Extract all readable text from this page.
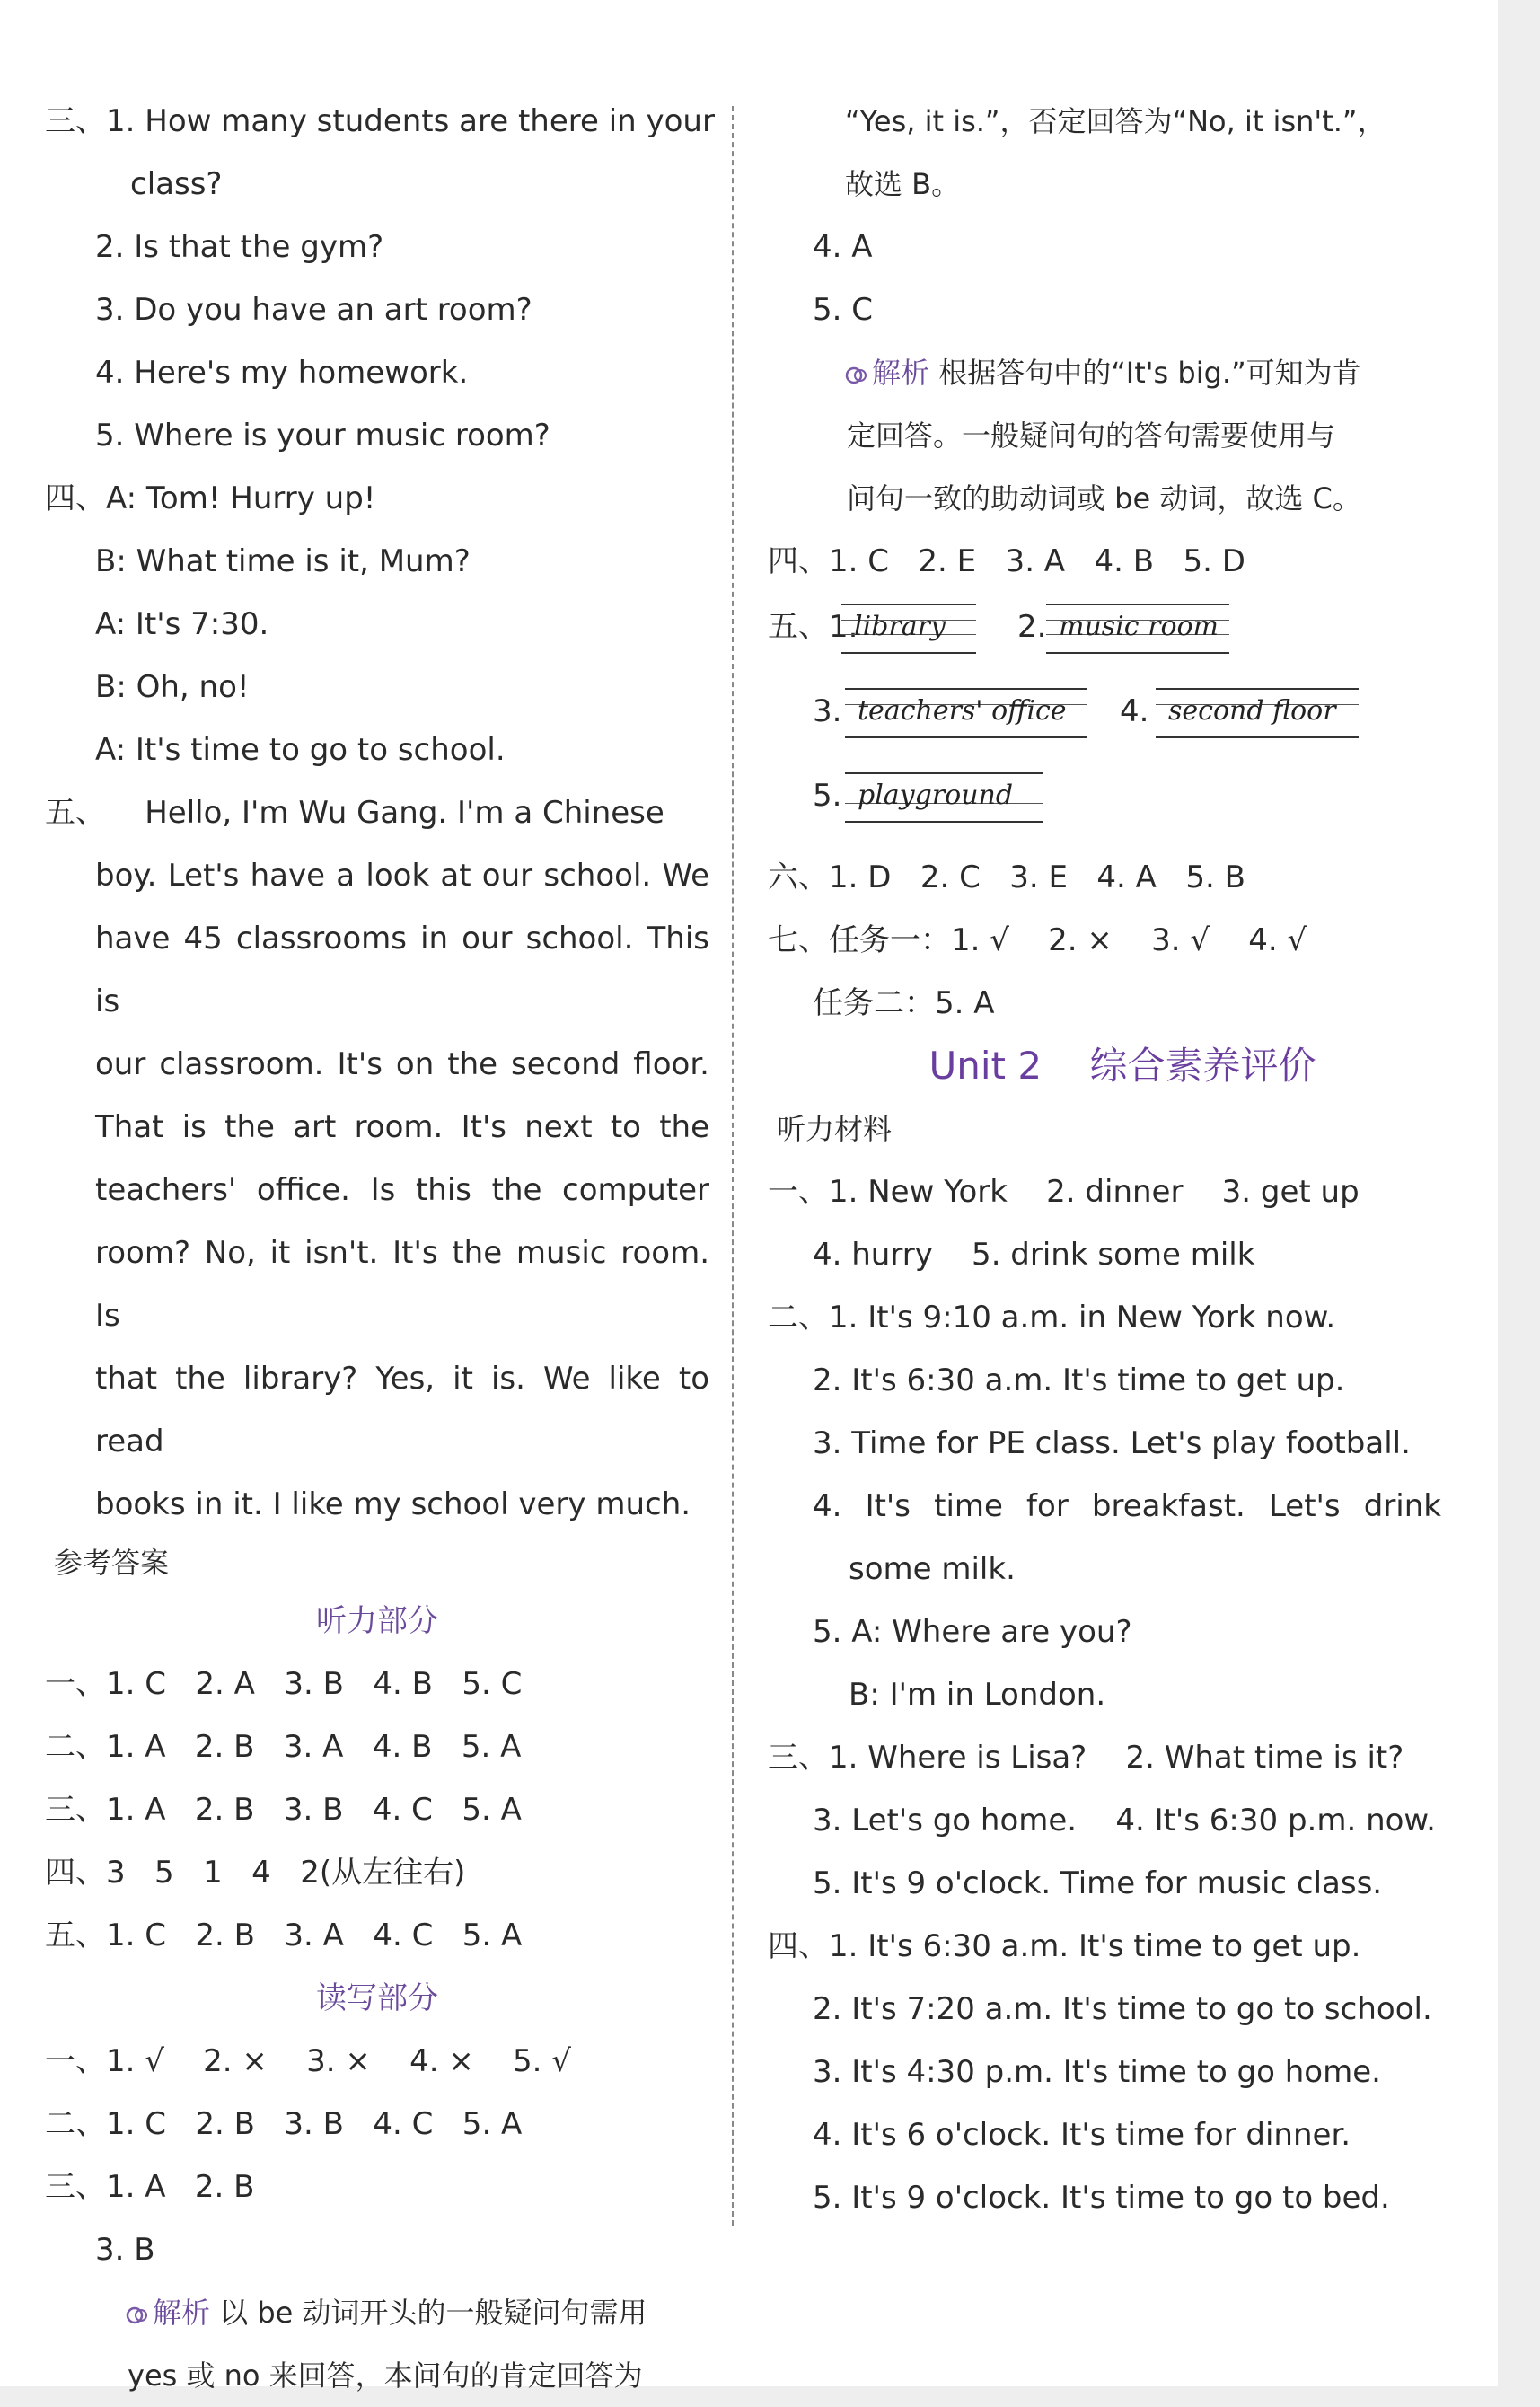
三、1. How many students are there in your
class?
2. Is that the gym?
3. Do you have an art room?
4. Here's my homework.
5. Where is your music room?
四、A: Tom! Hurry up!
B: What time is it, Mum?
A: It's 7:30.
B: Oh, no!
A: It's time to go to school.
五、    Hello, I'm Wu Gang. I'm a Chinese
boy. Let's have a look at our school. We
have 45 classrooms in our school. This is
our classroom. It's on the second floor.
That is the art room. It's next to the
teachers' office. Is this the computer
room? No, it isn't. It's the music room. Is
that the library? Yes, it is. We like to read
books in it. I like my school very much.
参考答案
听力部分
一、1. C   2. A   3. B   4. B   5. C
二、1. A   2. B   3. A   4. B   5. A
三、1. A   2. B   3. B   4. C   5. A
四、3   5   1   4   2(从左往右)
五、1. C   2. B   3. A   4. C   5. A
读写部分
一、1. √    2. ×    3. ×    4. ×    5. √
二、1. C   2. B   3. B   4. C   5. A
三、1. A   2. B
3. B
解析 以 be 动词开头的一般疑问句需用
yes 或 no 来回答，本问句的肯定回答为
“Yes, it is.”，否定回答为“No, it isn't.”，
故选 B。
4. A
5. C
解析 根据答句中的“It's big.”可知为肯
定回答。一般疑问句的答句需要使用与
问句一致的助动词或 be 动词，故选 C。
四、1. C   2. E   3. A   4. B   5. D
五、1.
library 2. music room
3. teachers' office 4. second floor
5. playground
六、1. D   2. C   3. E   4. A   5. B
七、任务一：1. √    2. ×    3. √    4. √
任务二：5. A
Unit 2    综合素养评价
听力材料
一、1. New York    2. dinner    3. get up
4. hurry    5. drink some milk
二、1. It's 9:10 a.m. in New York now.
2. It's 6:30 a.m. It's time to get up.
3. Time for PE class. Let's play football.
4. It's time for breakfast. Let's drink
some milk.
5. A: Where are you?
B: I'm in London.
三、1. Where is Lisa?    2. What time is it?
3. Let's go home.    4. It's 6:30 p.m. now.
5. It's 9 o'clock. Time for music class.
四、1. It's 6:30 a.m. It's time to get up.
2. It's 7:20 a.m. It's time to go to school.
3. It's 4:30 p.m. It's time to go home.
4. It's 6 o'clock. It's time for dinner.
5. It's 9 o'clock. It's time to go to bed.
